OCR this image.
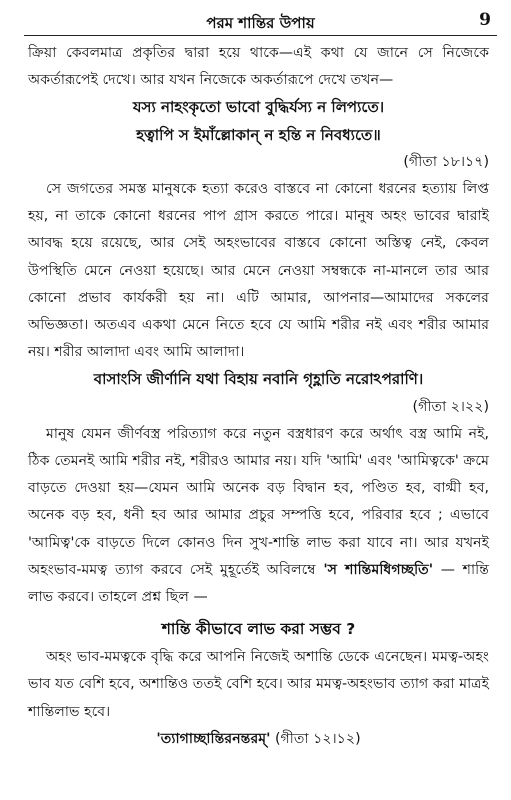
পরম শান্তির উপায়	9

ক্রিয়া কেবলমাত্র প্রকৃতির দ্বারা হয়ে থাকে—এই কথা যে জানে সে নিজেকে অকর্তারূপেই দেখে। আর যখন নিজেকে অকর্তারূপে দেখে তখন—

যস্য নাহংকৃতো ভাবো বুদ্ধির্যস্য ন লিপ্যতে।

হত্বাপি স ইমাঁল্লোকান্ ন হন্তি ন নিবধ্যতে॥

(গীতা ১৮।১৭)

সে জগতের সমস্ত মানুষকে হত্যা করেও বাস্তবে না কোনো ধরনের হত্যায় লিপ্ত হয়, না তাকে কোনো ধরনের পাপ গ্রাস করতে পারে। মানুষ অহং ভাবের দ্বারাই আবদ্ধ হয়ে রয়েছে, আর সেই অহংভাবের বাস্তবে কোনো অস্তিত্ব নেই, কেবল উপস্থিতি মেনে নেওয়া হয়েছে। আর মেনে নেওয়া সম্বন্ধকে না-মানলে তার আর কোনো প্রভাব কার্যকরী হয় না। এটি আমার, আপনার—আমাদের সকলের অভিজ্ঞতা। অতএব একথা মেনে নিতে হবে যে আমি শরীর নই এবং শরীর আমার নয়। শরীর আলাদা এবং আমি আলাদা।

বাসাংসি জীর্ণানি যথা বিহায় নবানি গৃহ্ণাতি নরোঽপরাণি।

(গীতা ২।২২)

মানুষ যেমন জীর্ণবস্ত্র পরিত্যাগ করে নতুন বস্ত্রধারণ করে অর্থাৎ বস্ত্র আমি নই, ঠিক তেমনই আমি শরীর নই, শরীরও আমার নয়। যদি 'আমি' এবং 'আমিত্বকে' ক্রমে বাড়তে দেওয়া হয়—যেমন আমি অনেক বড় বিদ্বান হব, পণ্ডিত হব, বাগ্মী হব, অনেক বড় হব, ধনী হব আর আমার প্রচুর সম্পত্তি হবে, পরিবার হবে ; এভাবে 'আমিত্ব'কে বাড়তে দিলে কোনও দিন সুখ-শান্তি লাভ করা যাবে না। আর যখনই অহংভাব-মমত্ব ত্যাগ করবে সেই মুহূর্তেই অবিলম্বে 'স শান্তিমধিগচ্ছতি' — শান্তি লাভ করবে। তাহলে প্রশ্ন ছিল —

শান্তি কীভাবে লাভ করা সম্ভব ?

অহং ভাব-মমত্বকে বৃদ্ধি করে আপনি নিজেই অশান্তি ডেকে এনেছেন। মমত্ব-অহং ভাব যত বেশি হবে, অশান্তিও ততই বেশি হবে। আর মমত্ব-অহংভাব ত্যাগ করা মাত্রই শান্তিলাভ হবে।

'ত্যাগাচ্ছান্তিরনন্তরম্' (গীতা ১২।১২)
